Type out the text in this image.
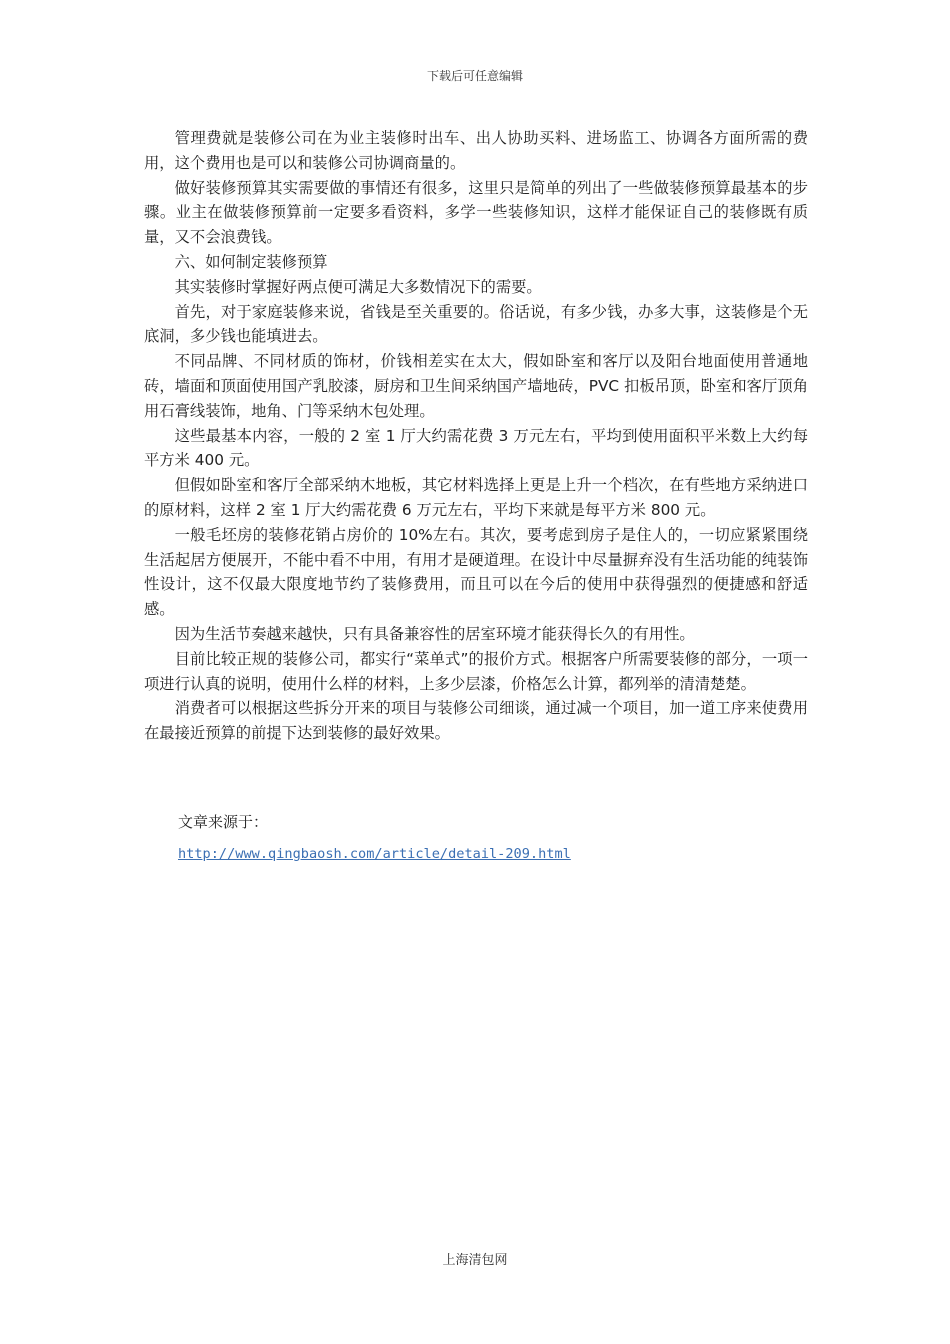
下载后可任意编辑

管理费就是装修公司在为业主装修时出车、出人协助买料、进场监工、协调各方面所需的费用，这个费用也是可以和装修公司协调商量的。

做好装修预算其实需要做的事情还有很多，这里只是简单的列出了一些做装修预算最基本的步骤。业主在做装修预算前一定要多看资料，多学一些装修知识，这样才能保证自己的装修既有质量，又不会浪费钱。

六、如何制定装修预算

其实装修时掌握好两点便可满足大多数情况下的需要。

首先，对于家庭装修来说，省钱是至关重要的。俗话说，有多少钱，办多大事，这装修是个无底洞，多少钱也能填进去。

不同品牌、不同材质的饰材，价钱相差实在太大，假如卧室和客厅以及阳台地面使用普通地砖，墙面和顶面使用国产乳胶漆，厨房和卫生间采纳国产墙地砖，PVC 扣板吊顶，卧室和客厅顶角用石膏线装饰，地角、门等采纳木包处理。

这些最基本内容，一般的 2 室 1 厅大约需花费 3 万元左右，平均到使用面积平米数上大约每平方米 400 元。

但假如卧室和客厅全部采纳木地板，其它材料选择上更是上升一个档次，在有些地方采纳进口的原材料，这样 2 室 1 厅大约需花费 6 万元左右，平均下来就是每平方米 800 元。

一般毛坯房的装修花销占房价的 10%左右。其次，要考虑到房子是住人的，一切应紧紧围绕生活起居方便展开，不能中看不中用，有用才是硬道理。在设计中尽量摒弃没有生活功能的纯装饰性设计，这不仅最大限度地节约了装修费用，而且可以在今后的使用中获得强烈的便捷感和舒适感。

因为生活节奏越来越快，只有具备兼容性的居室环境才能获得长久的有用性。

目前比较正规的装修公司，都实行“菜单式”的报价方式。根据客户所需要装修的部分，一项一项进行认真的说明，使用什么样的材料，上多少层漆，价格怎么计算，都列举的清清楚楚。

消费者可以根据这些拆分开来的项目与装修公司细谈，通过减一个项目，加一道工序来使费用在最接近预算的前提下达到装修的最好效果。

文章来源于：
http://www.qingbaosh.com/article/detail-209.html
上海清包网
